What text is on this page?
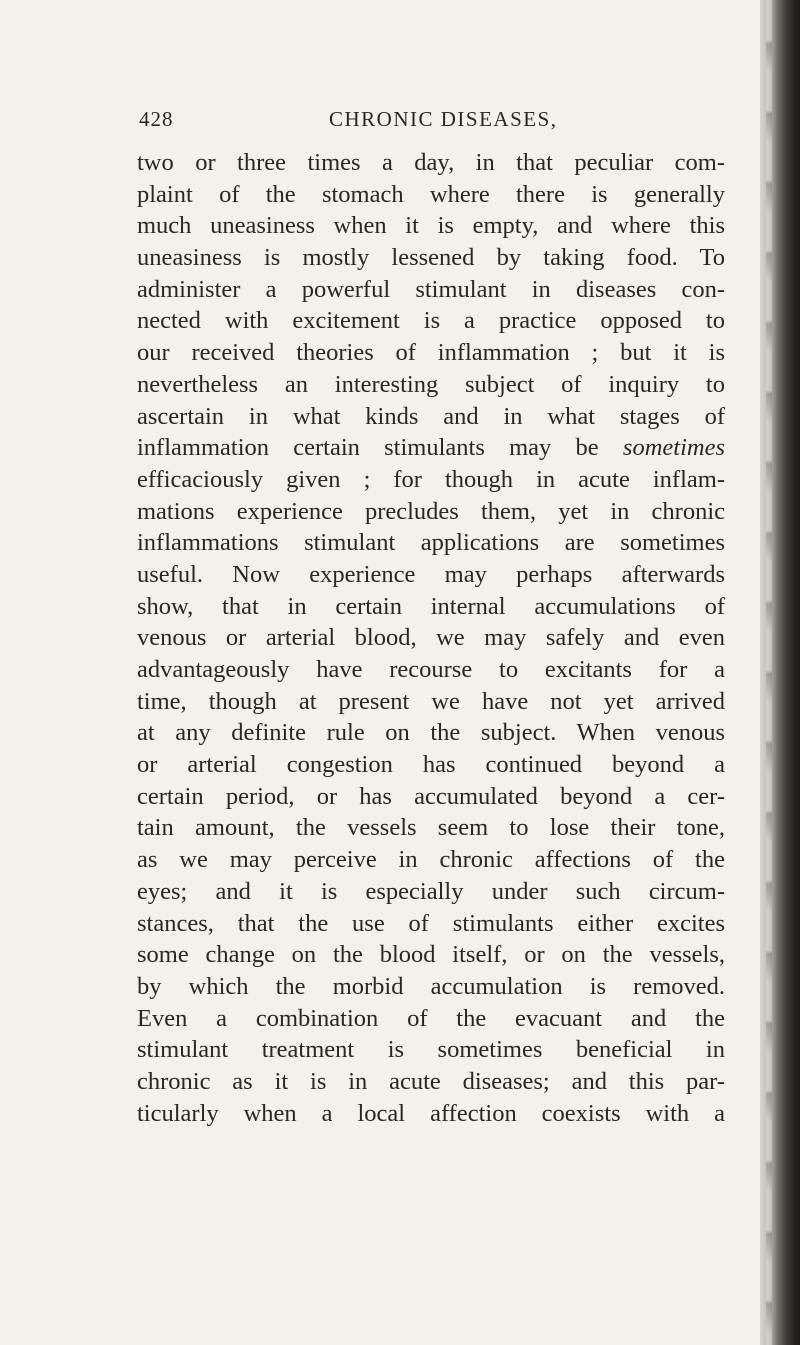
428	CHRONIC DISEASES,
two or three times a day, in that peculiar com-
plaint of the stomach where there is generally
much uneasiness when it is empty, and where this
uneasiness is mostly lessened by taking food. To
administer a powerful stimulant in diseases con-
nected with excitement is a practice opposed to
our received theories of inflammation ; but it is
nevertheless an interesting subject of inquiry to
ascertain in what kinds and in what stages of
inflammation certain stimulants may be sometimes
efficaciously given ; for though in acute inflam-
mations experience precludes them, yet in chronic
inflammations stimulant applications are sometimes
useful. Now experience may perhaps afterwards
show, that in certain internal accumulations of
venous or arterial blood, we may safely and even
advantageously have recourse to excitants for a
time, though at present we have not yet arrived
at any definite rule on the subject. When venous
or arterial congestion has continued beyond a
certain period, or has accumulated beyond a cer-
tain amount, the vessels seem to lose their tone,
as we may perceive in chronic affections of the
eyes; and it is especially under such circum-
stances, that the use of stimulants either excites
some change on the blood itself, or on the vessels,
by which the morbid accumulation is removed.
Even a combination of the evacuant and the
stimulant treatment is sometimes beneficial in
chronic as it is in acute diseases; and this par-
ticularly when a local affection coexists with a
